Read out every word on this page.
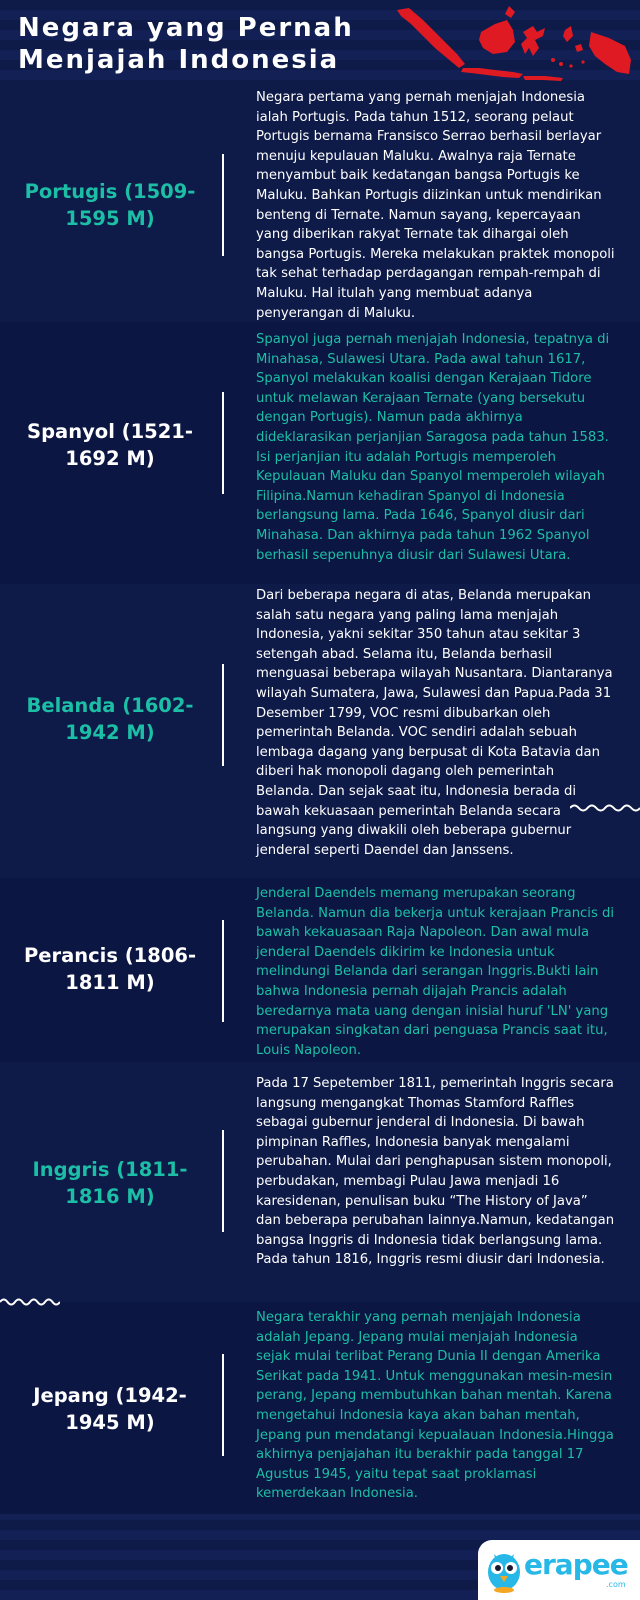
Negara yang Pernah
Menjajah Indonesia
Portugis (1509-1595 M)

Negara pertama yang pernah menjajah Indonesia ialah Portugis. Pada tahun 1512, seorang pelaut Portugis bernama Fransisco Serrao berhasil berlayar menuju kepulauan Maluku. Awalnya raja Ternate menyambut baik kedatangan bangsa Portugis ke Maluku. Bahkan Portugis diizinkan untuk mendirikan benteng di Ternate. Namun sayang, kepercayaan yang diberikan rakyat Ternate tak dihargai oleh bangsa Portugis. Mereka melakukan praktek monopoli tak sehat terhadap perdagangan rempah-rempah di Maluku. Hal itulah yang membuat adanya penyerangan di Maluku.

Spanyol (1521-1692 M)

Spanyol juga pernah menjajah Indonesia, tepatnya di Minahasa, Sulawesi Utara. Pada awal tahun 1617, Spanyol melakukan koalisi dengan Kerajaan Tidore untuk melawan Kerajaan Ternate (yang bersekutu dengan Portugis). Namun pada akhirnya dideklarasikan perjanjian Saragosa pada tahun 1583. Isi perjanjian itu adalah Portugis memperoleh Kepulauan Maluku dan Spanyol memperoleh wilayah Filipina.Namun kehadiran Spanyol di Indonesia berlangsung lama. Pada 1646, Spanyol diusir dari Minahasa. Dan akhirnya pada tahun 1962 Spanyol berhasil sepenuhnya diusir dari Sulawesi Utara.

Belanda (1602-1942 M)

Dari beberapa negara di atas, Belanda merupakan salah satu negara yang paling lama menjajah Indonesia, yakni sekitar 350 tahun atau sekitar 3 setengah abad. Selama itu, Belanda berhasil menguasai beberapa wilayah Nusantara. Diantaranya wilayah Sumatera, Jawa, Sulawesi dan Papua.Pada 31 Desember 1799, VOC resmi dibubarkan oleh pemerintah Belanda. VOC sendiri adalah sebuah lembaga dagang yang berpusat di Kota Batavia dan diberi hak monopoli dagang oleh pemerintah Belanda. Dan sejak saat itu, Indonesia berada di bawah kekuasaan pemerintah Belanda secara langsung yang diwakili oleh beberapa gubernur jenderal seperti Daendel dan Janssens.

Perancis (1806-1811 M)

Jenderal Daendels memang merupakan seorang Belanda. Namun dia bekerja untuk kerajaan Prancis di bawah kekauasaan Raja Napoleon. Dan awal mula jenderal Daendels dikirim ke Indonesia untuk melindungi Belanda dari serangan Inggris.Bukti lain bahwa Indonesia pernah dijajah Prancis adalah beredarnya mata uang dengan inisial huruf 'LN' yang merupakan singkatan dari penguasa Prancis saat itu, Louis Napoleon.

Inggris (1811-1816 M)

Pada 17 Sepetember 1811, pemerintah Inggris secara langsung mengangkat Thomas Stamford Raffles sebagai gubernur jenderal di Indonesia. Di bawah pimpinan Raffles, Indonesia banyak mengalami perubahan. Mulai dari penghapusan sistem monopoli, perbudakan, membagi Pulau Jawa menjadi 16 karesidenan, penulisan buku “The History of Java” dan beberapa perubahan lainnya.Namun, kedatangan bangsa Inggris di Indonesia tidak berlangsung lama. Pada tahun 1816, Inggris resmi diusir dari Indonesia.

Jepang (1942-1945 M)

Negara terakhir yang pernah menjajah Indonesia adalah Jepang. Jepang mulai menjajah Indonesia sejak mulai terlibat Perang Dunia II dengan Amerika Serikat pada 1941. Untuk menggunakan mesin-mesin perang, Jepang membutuhkan bahan mentah. Karena mengetahui Indonesia kaya akan bahan mentah, Jepang pun mendatangi kepualauan Indonesia.Hingga akhirnya penjajahan itu berakhir pada tanggal 17 Agustus 1945, yaitu tepat saat proklamasi kemerdekaan Indonesia.

erapee
.com
